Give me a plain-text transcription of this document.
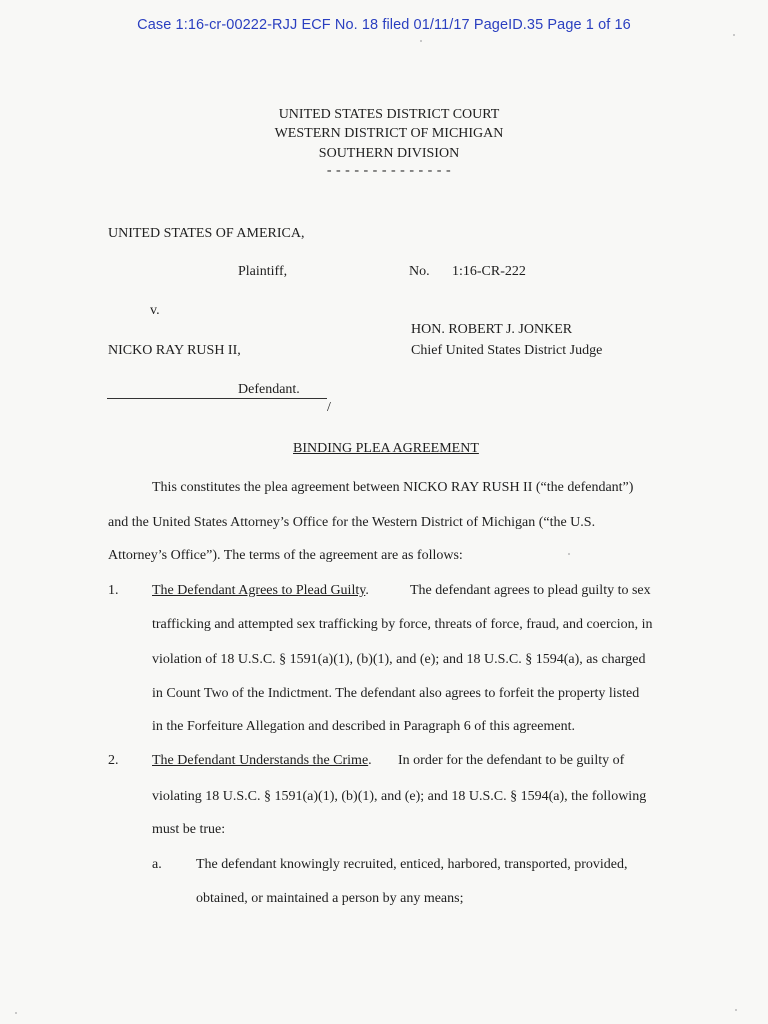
Case 1:16-cr-00222-RJJ ECF No. 18 filed 01/11/17 PageID.35 Page 1 of 16
UNITED STATES DISTRICT COURT
WESTERN DISTRICT OF MICHIGAN
SOUTHERN DIVISION
- - - - - - - - - - - - - -
UNITED STATES OF AMERICA,
Plaintiff,	No. 1:16-CR-222
v.
HON. ROBERT J. JONKER
NICKO RAY RUSH II,	Chief United States District Judge
Defendant.
/
BINDING PLEA AGREEMENT
This constitutes the plea agreement between NICKO RAY RUSH II (“the defendant”)
and the United States Attorney’s Office for the Western District of Michigan (“the U.S.
Attorney’s Office”). The terms of the agreement are as follows:
1. The Defendant Agrees to Plead Guilty.	The defendant agrees to plead guilty to sex
trafficking and attempted sex trafficking by force, threats of force, fraud, and coercion, in
violation of 18 U.S.C. § 1591(a)(1), (b)(1), and (e); and 18 U.S.C. § 1594(a), as charged
in Count Two of the Indictment. The defendant also agrees to forfeit the property listed
in the Forfeiture Allegation and described in Paragraph 6 of this agreement.
2. The Defendant Understands the Crime. In order for the defendant to be guilty of
violating 18 U.S.C. § 1591(a)(1), (b)(1), and (e); and 18 U.S.C. § 1594(a), the following
must be true:
a. The defendant knowingly recruited, enticed, harbored, transported, provided,
obtained, or maintained a person by any means;
